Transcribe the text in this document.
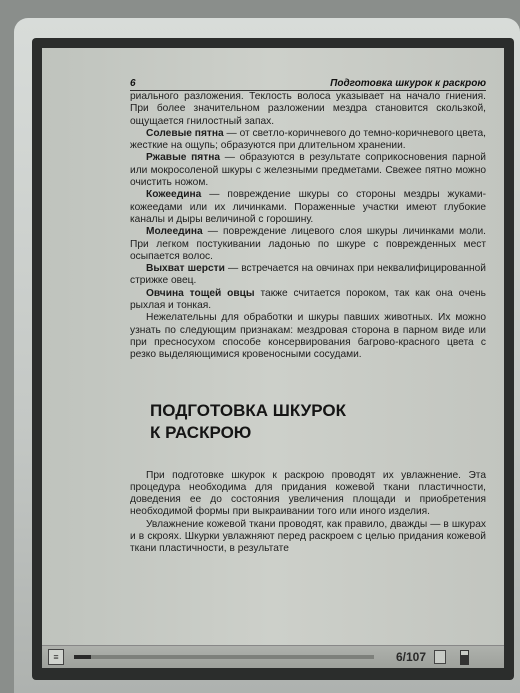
6	Подготовка шкурок к раскрою

риального разложения. Теклость волоса указывает на начало гниения. При более значительном разложении мездра становится скользкой, ощущается гнилостный запах.

Солевые пятна — от светло-коричневого до темно-коричневого цвета, жесткие на ощупь; образуются при длительном хранении.

Ржавые пятна — образуются в результате соприкосновения парной или мокросоленой шкуры с железными предметами. Свежее пятно можно очистить ножом.

Кожеедина — повреждение шкуры со стороны мездры жуками-кожеедами или их личинками. Пораженные участки имеют глубокие каналы и дыры величиной с горошину.

Молеедина — повреждение лицевого слоя шкуры личинками моли. При легком постукивании ладонью по шкуре с поврежденных мест осыпается волос.

Выхват шерсти — встречается на овчинах при неквалифицированной стрижке овец.

Овчина тощей овцы также считается пороком, так как она очень рыхлая и тонкая.

Нежелательны для обработки и шкуры павших животных. Их можно узнать по следующим признакам: мездровая сторона в парном виде или при пресносухом способе консервирования багрово-красного цвета с резко выделяющимися кровеносными сосудами.

ПОДГОТОВКА ШКУРОК
К РАСКРОЮ

При подготовке шкурок к раскрою проводят их увлажнение. Эта процедура необходима для придания кожевой ткани пластичности, доведения ее до состояния увеличения площади и приобретения необходимой формы при выкраивании того или иного изделия.

Увлажнение кожевой ткани проводят, как правило, дважды — в шкурах и в скроях. Шкурки увлажняют перед раскроем с целью придания кожевой ткани пластичности, в результате

≡	6/107
